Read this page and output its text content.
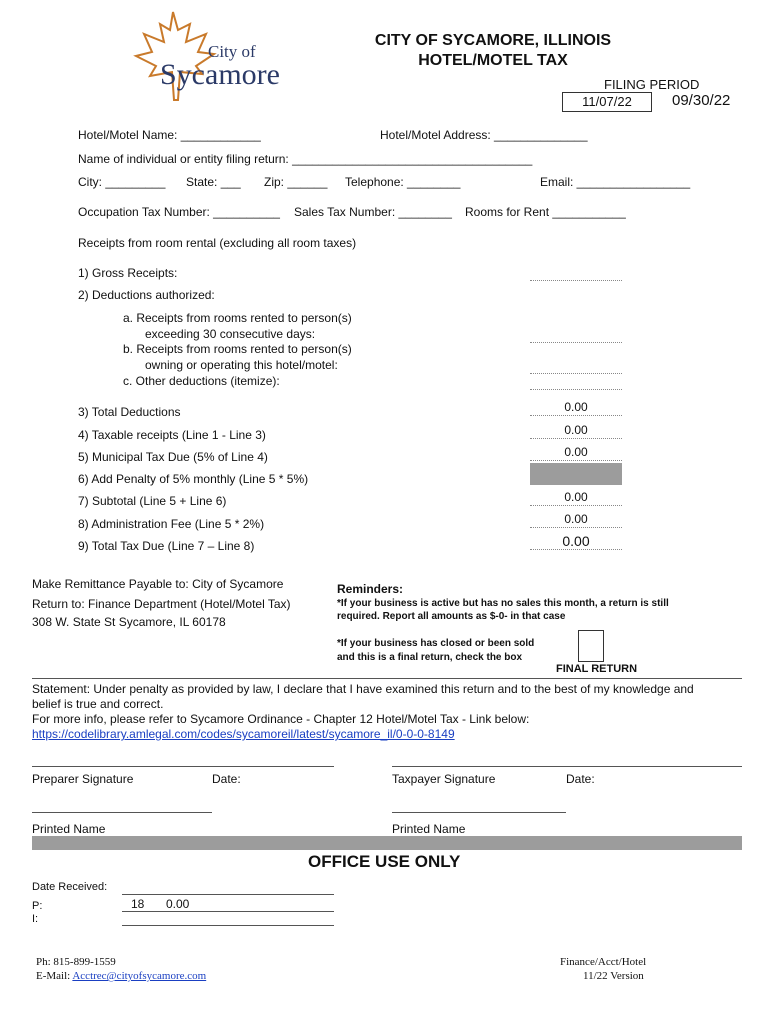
City of
Sycamore
CITY OF SYCAMORE, ILLINOIS
HOTEL/MOTEL TAX
FILING PERIOD
11/07/22	09/30/22
Hotel/Motel Name: ____________	Hotel/Motel Address: ______________
Name of individual or entity filing return: ____________________________________
City: _________ State: ___ Zip: ______ Telephone: ________	Email: _________________
Occupation Tax Number: __________ Sales Tax Number: ________ Rooms for Rent ___________
Receipts from room rental (excluding all room taxes)
1) Gross Receipts:
2) Deductions authorized:
a. Receipts from rooms rented to person(s)
exceeding 30 consecutive days:
b. Receipts from rooms rented to person(s)
owning or operating this hotel/motel:
c. Other deductions (itemize):
3) Total Deductions	0.00
4) Taxable receipts (Line 1 - Line 3)	0.00
5) Municipal Tax Due (5% of Line 4)	0.00
6) Add Penalty of 5% monthly (Line 5 * 5%)
7) Subtotal (Line 5 + Line 6)	0.00
8) Administration Fee (Line 5 * 2%)	0.00
9) Total Tax Due (Line 7 – Line 8)	0.00
Make Remittance Payable to: City of Sycamore
Return to: Finance Department (Hotel/Motel Tax)
308 W. State St Sycamore, IL 60178
Reminders:
*If your business is active but has no sales this month, a return is still
required. Report all amounts as $-0- in that case
*If your business has closed or been sold
and this is a final return, check the box
FINAL RETURN
Statement: Under penalty as provided by law, I declare that I have examined this return and to the best of my knowledge and
belief is true and correct.
For more info, please refer to Sycamore Ordinance - Chapter 12 Hotel/Motel Tax - Link below:
https://codelibrary.amlegal.com/codes/sycamoreil/latest/sycamore_il/0-0-0-8149
Preparer Signature	Date:	Taxpayer Signature	Date:
Printed Name	Printed Name
OFFICE USE ONLY
Date Received:
P:	18 0.00
I:
Ph: 815-899-1559
E-Mail: Acctrec@cityofsycamore.com
Finance/Acct/Hotel
11/22 Version
